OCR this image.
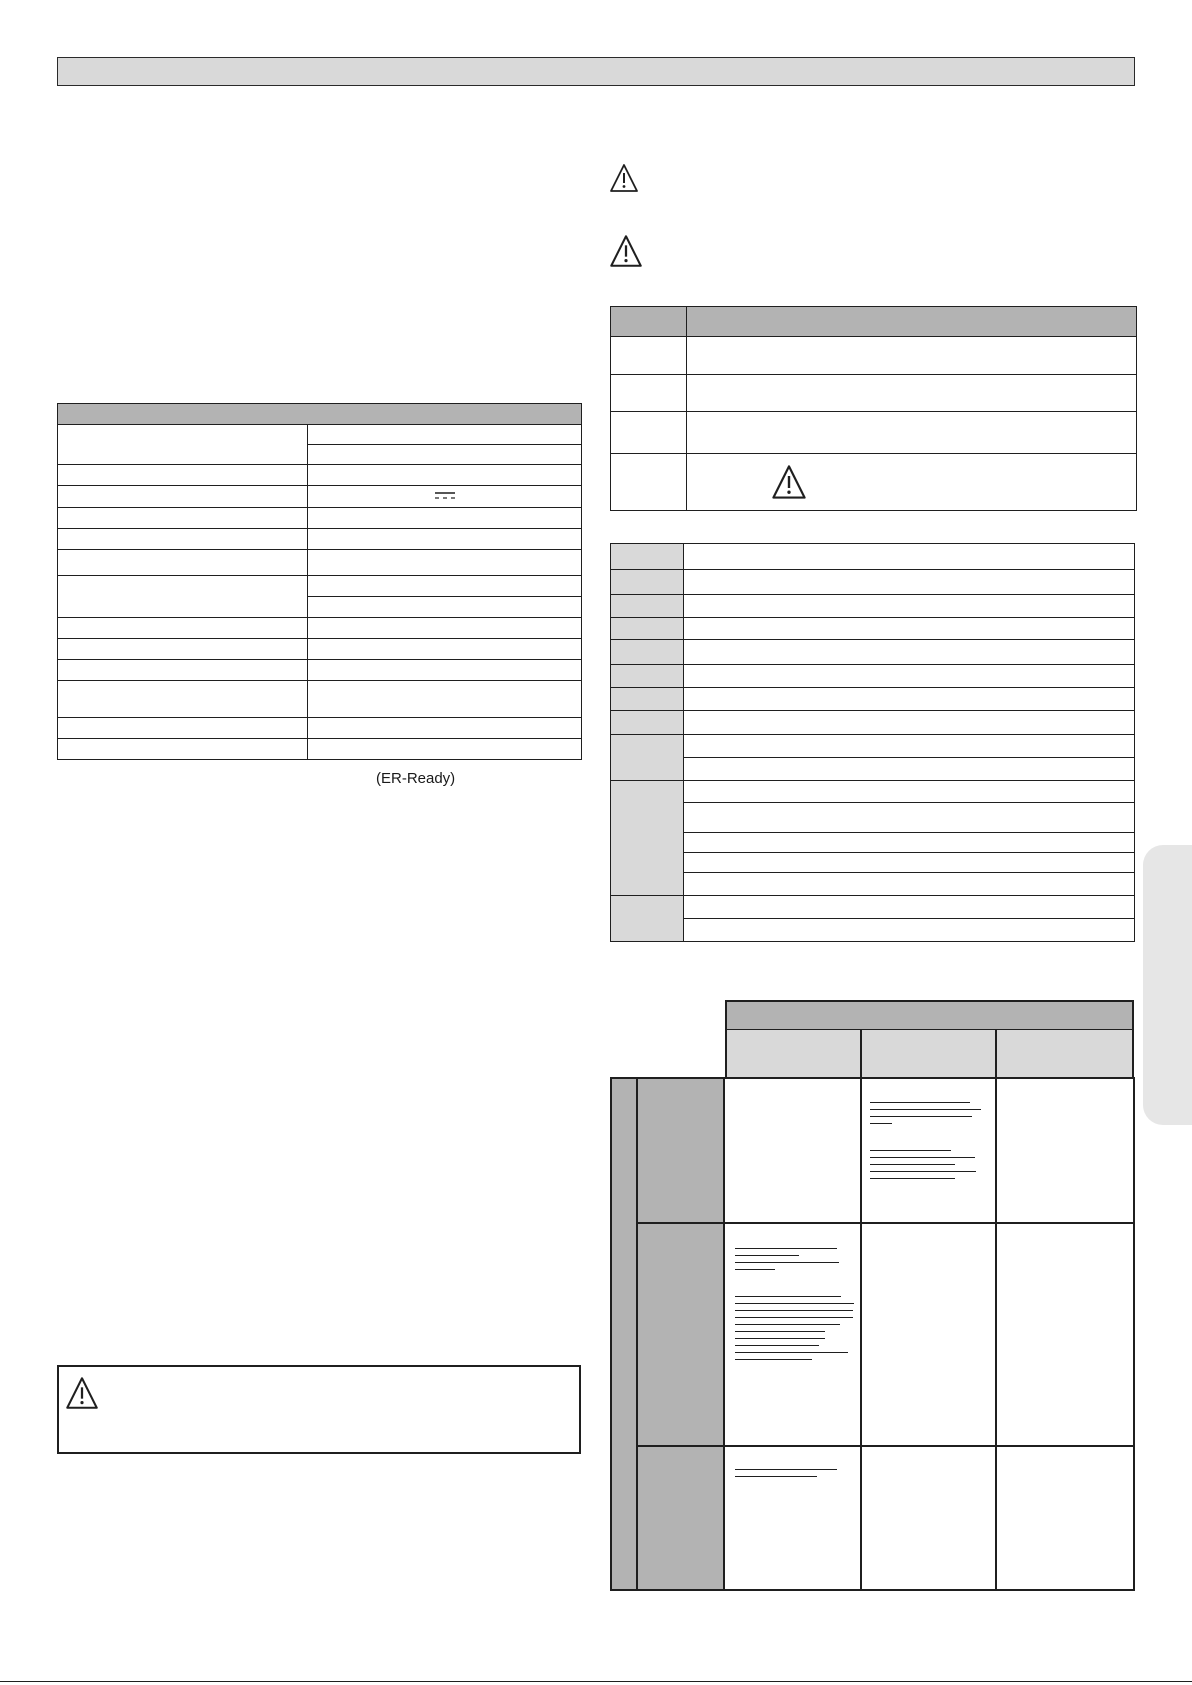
(ER-Ready)
